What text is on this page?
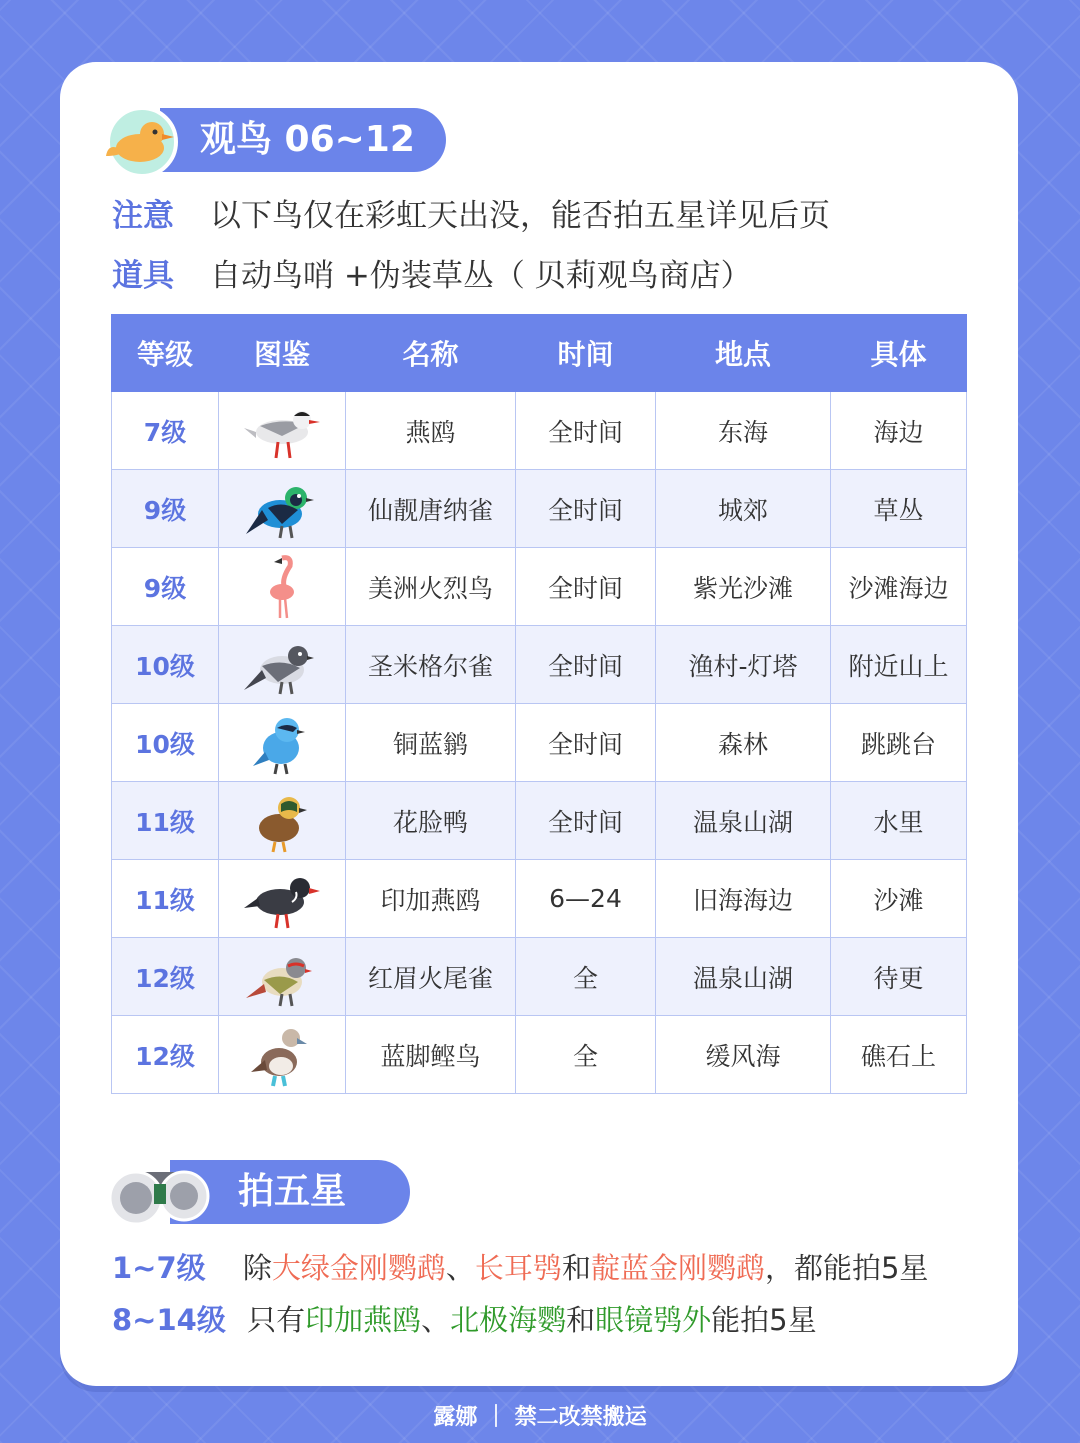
观鸟 06~12
注意 以下鸟仅在彩虹天出没，能否拍五星详见后页
道具 自动鸟哨 +伪装草丛（ 贝莉观鸟商店）
等级	图鉴	名称	时间	地点	具体
7级		燕鸥	全时间	东海	海边
9级		仙靓唐纳雀	全时间	城郊	草丛
9级		美洲火烈鸟	全时间	紫光沙滩	沙滩海边
10级		圣米格尔雀	全时间	渔村-灯塔	附近山上
10级		铜蓝鹟	全时间	森林	跳跳台
11级		花脸鸭	全时间	温泉山湖	水里
11级		印加燕鸥	6—24	旧海海边	沙滩
12级		红眉火尾雀	全	温泉山湖	待更
12级		蓝脚鲣鸟	全	缓风海	礁石上
拍五星
1~7级 除大绿金刚鹦鹉、长耳鸮和靛蓝金刚鹦鹉，都能拍5星
8~14级 只有印加燕鸥、北极海鹦和眼镜鸮外能拍5星
露娜 ｜ 禁二改禁搬运
